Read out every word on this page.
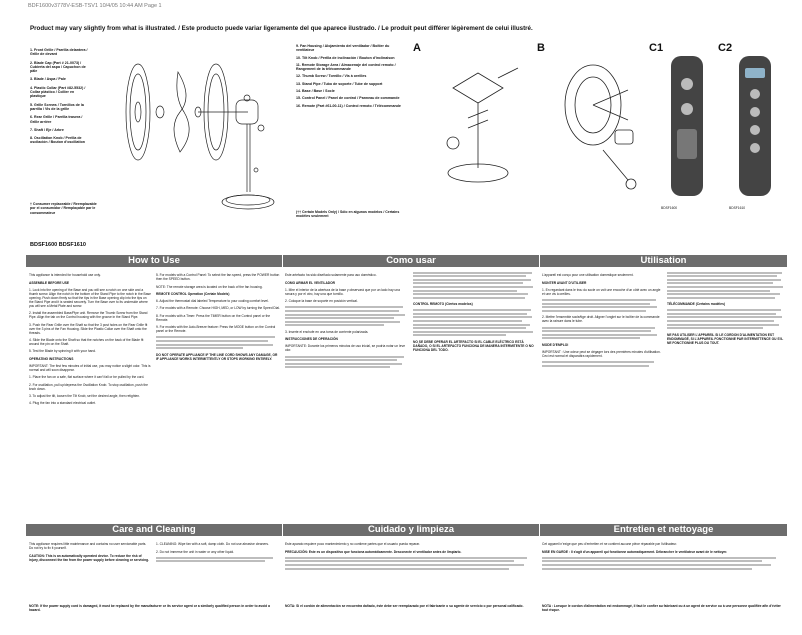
BDF1600v3778V-ESB-TSV1 10/4/05 10:44 AM Page 1
Product may vary slightly from what is illustrated. / Este producto puede variar ligeramente del que aparece ilustrado. / Le produit peut différer légèrement de celui illustré.
1. Front Grille / Parrilla delantera / Grille de devant
2. Blade Cap (Part # 21-0073) / Cubierta del aspa / Capuchon de pâle
3. Blade / Aspa / Pale
4. Plastic Collar (Part #82-5532) / Collar plástico / Collier en plastique
5. Grille Screws / Tornillos de la parrilla / Vis de la grille
6. Rear Grille / Parrilla trasera / Grille arrière
7. Shaft / Eje / Arbre
8. Oscillation Knob / Perilla de oscilación / Bouton d'oscillation
† Consumer replaceable / Reemplazable por el consumidor / Remplaçable par le consommateur
9. Fan Housing / Alojamiento del ventilador / Boîtier du ventilateur
10. Tilt Knob / Perilla de inclinación / Bouton d'inclinaison
11. Remote Storage Area / Almacenaje del control remoto / Rangement de la télécommande
12. Thumb Screw / Tornillo / Vis à oreilles
13. Stand Pipe / Tubo de soporte / Tube de support
14. Base / Base / Socle
15. Control Panel / Panel de control / Panneau de commande
16. Remote (Part #61-00-11) / Control remoto / Télécommande
(†† Certain Models Only) / Sólo en algunos modelos / Certains modèles seulement
BDSF1600 BDSF1610
A	B	C1
BDSF1600
C2
BDSF1610
How to Use	Como usar	Utilisation

This appliance is intended for household use only.

ASSEMBLE BEFORE USE

1. Lock into the opening of the Base and you will see a notch on one side and a thumb screw. Align the notch in the bottom of the Stand Pipe to the notch in the Base opening. Push down firmly so that the tips in the Base opening clip into the tips on the Stand Pipe and it is seated securely. Turn the Base over to its underside where you will see a Metal Plate and screw.

2. Install the assembled Base/Pipe unit. Remove the Thumb Screw from the Stand Pipe. Align the tab on the Control housing with the groove in the Stand Pipe.

3. Push the Rear Grille over the Shaft so that the 3 post holes on the Rear Grille fit over the 3 pins of the Fan Housing. Slide the Plastic Collar over the Shaft onto the threads.

4. Slide the Blade onto the Shaft so that the notches on the back of the Blade fit around the pin on the Shaft.

5. Test the Blade by spinning it with your hand.

OPERATING INSTRUCTIONS

IMPORTANT: The first few minutes of initial use, you may notice a slight odor. This is normal and will soon disappear.

1. Place the fan on a safe, flat surface where it can't fall or be pulled by the cord.

2. For oscillation, pull up/depress the Oscillation Knob. To stop oscillation, push the knob down.

3. To adjust the tilt, loosen the Tilt Knob, set the desired angle, then retighten.

4. Plug the fan into a standard electrical outlet.

5. For models with a Control Panel: To select the fan speed, press the POWER button then the SPEED button.

NOTE: The remote storage area is located on the back of the fan housing.

REMOTE CONTROL Operation (Certain Models)

6. Adjust the thermostat dial labeled Temperature to your cooling comfort level.

7. For models with a Remote: Choose HIGH, MED, or LOW by turning the Speed Dial.

8. For models with a Timer: Press the TIMER button on the Control panel or the Remote.

9. For models with the Auto-Breeze feature: Press the MODE button on the Control panel or the Remote.

DO NOT OPERATE APPLIANCE IF THE LINE CORD SHOWS ANY DAMAGE, OR IF APPLIANCE WORKS INTERMITTENTLY OR STOPS WORKING ENTIRELY.

Este artefacto ha sido diseñado solamente para uso doméstico.

COMO ARMAR EL VENTILADOR

1. Mire el interior de la abertura de la base y observará que por un lado hay una ranura y por el otro, hay una que tornillo.

2. Coloque la base de soporte en posición vertical.

3. Inserte el enchufe en una toma de corriente polarizada.

INSTRUCCIONES DE OPERACIÓN

IMPORTANTE: Durante los primeros minutos de uso inicial, se podría notar un leve olor.

CONTROL REMOTO (Ciertos modelos)

NO SE DEBE OPERAR EL ARTEFACTO SI EL CABLE ELÉCTRICO ESTÁ DAÑADO, O SI EL ARTEFACTO FUNCIONA DE MANERA INTERMITENTE O NO FUNCIONA DEL TODO.

L'appareil est conçu pour une utilisation domestique seulement.

MONTER AVANT D'UTILISER

1. En regardant dans le trou du socle on voit une encoche d'un côté avec un angle et une vis à oreilles.

2. Mettre l'ensemble socle/tige droit. Aligner l'onglet sur le boîtier de la commande avec la rainure dans le tube.

MODE D'EMPLOI

IMPORTANT : Une odeur peut se dégager lors des premières minutes d'utilisation. Ceci est normal et disparaîtra rapidement.

TÉLÉCOMMANDE (Certains modèles)

NE PAS UTILISER L'APPAREIL SI LE CORDON D'ALIMENTATION EST ENDOMMAGÉ, SI L'APPAREIL FONCTIONNE PAR INTERMITTENCE OU S'IL NE FONCTIONNE PLUS DU TOUT.

Care and Cleaning	Cuidado y limpieza	Entretien et nettoyage

This appliance requires little maintenance and contains no user serviceable parts. Do not try to fix it yourself.

CAUTION: This is an automatically operated device. To reduce the risk of injury, disconnect the fan from the power supply before cleaning or servicing.

1. CLEANING: Wipe fan with a soft, damp cloth. Do not use abrasive cleaners.

2. Do not immerse the unit in water or any other liquid.

NOTE: If the power supply cord is damaged, it must be replaced by the manufacturer or its service agent or a similarly qualified person in order to avoid a hazard.

Este aparato requiere poco mantenimiento y no contiene partes que el usuario pueda reparar.

PRECAUCIÓN: Este es un dispositivo que funciona automáticamente. Desconecte el ventilador antes de limpiarlo.

NOTA: Si el cordón de alimentación se encuentra dañado, éste debe ser reemplazado por el fabricante o su agente de servicio o por personal calificado.

Cet appareil n'exige que peu d'entretien et ne contient aucune pièce réparable par l'utilisateur.

MISE EN GARDE : Il s'agit d'un appareil qui fonctionne automatiquement. Débrancher le ventilateur avant de le nettoyer.

NOTA : Lorsque le cordon d'alimentation est endommagé, il faut le confier au fabricant ou à un agent de service ou à une personne qualifiée afin d'éviter tout risque.
